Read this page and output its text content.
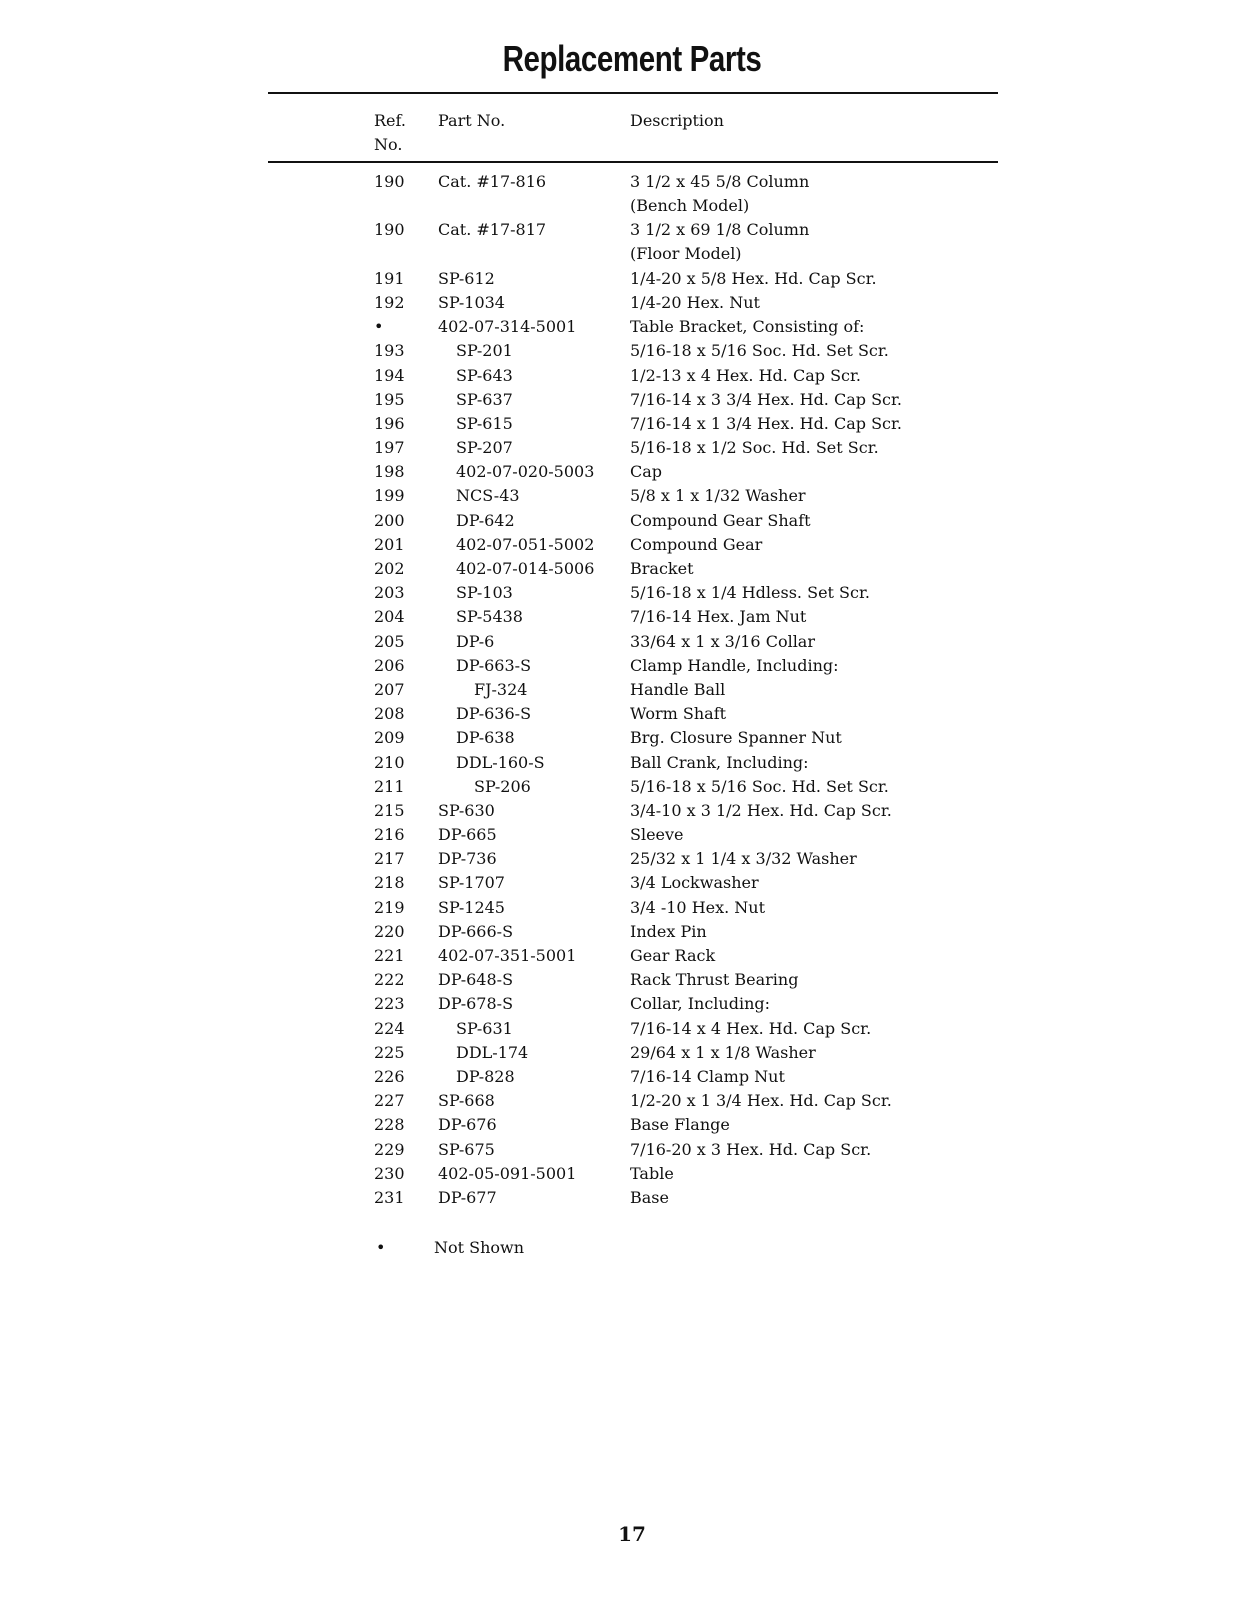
Replacement Parts
Ref.
No.
Part No.	Description
190 Cat. #17-816	3 1/2 x 45 5/8 Column
(Bench Model)
190 Cat. #17-817	3 1/2 x 69 1/8 Column
(Floor Model)
191 SP-612	1/4-20 x 5/8 Hex. Hd. Cap Scr.
192 SP-1034	1/4-20 Hex. Nut
•	402-07-314-5001	Table Bracket, Consisting of:
193	SP-201	5/16-18 x 5/16 Soc. Hd. Set Scr.
194	SP-643	1/2-13 x 4 Hex. Hd. Cap Scr.
195	SP-637	7/16-14 x 3 3/4 Hex. Hd. Cap Scr.
196	SP-615	7/16-14 x 1 3/4 Hex. Hd. Cap Scr.
197	SP-207	5/16-18 x 1/2 Soc. Hd. Set Scr.
198	402-07-020-5003 Cap
199	NCS-43	5/8 x 1 x 1/32 Washer
200	DP-642	Compound Gear Shaft
201	402-07-051-5002 Compound Gear
202	402-07-014-5006 Bracket
203	SP-103	5/16-18 x 1/4 Hdless. Set Scr.
204	SP-5438	7/16-14 Hex. Jam Nut
205	DP-6	33/64 x 1 x 3/16 Collar
206	DP-663-S	Clamp Handle, Including:
207	FJ-324	Handle Ball
208	DP-636-S	Worm Shaft
209	DP-638	Brg. Closure Spanner Nut
210	DDL-160-S	Ball Crank, Including:
211	SP-206	5/16-18 x 5/16 Soc. Hd. Set Scr.
215 SP-630	3/4-10 x 3 1/2 Hex. Hd. Cap Scr.
216 DP-665	Sleeve
217 DP-736	25/32 x 1 1/4 x 3/32 Washer
218 SP-1707	3/4 Lockwasher
219 SP-1245	3/4 -10 Hex. Nut
220 DP-666-S	Index Pin
221 402-07-351-5001	Gear Rack
222 DP-648-S	Rack Thrust Bearing
223 DP-678-S	Collar, Including:
224	SP-631	7/16-14 x 4 Hex. Hd. Cap Scr.
225	DDL-174	29/64 x 1 x 1/8 Washer
226	DP-828	7/16-14 Clamp Nut
227 SP-668	1/2-20 x 1 3/4 Hex. Hd. Cap Scr.
228 DP-676	Base Flange
229 SP-675	7/16-20 x 3 Hex. Hd. Cap Scr.
230 402-05-091-5001	Table
231 DP-677	Base
•	Not Shown
17
